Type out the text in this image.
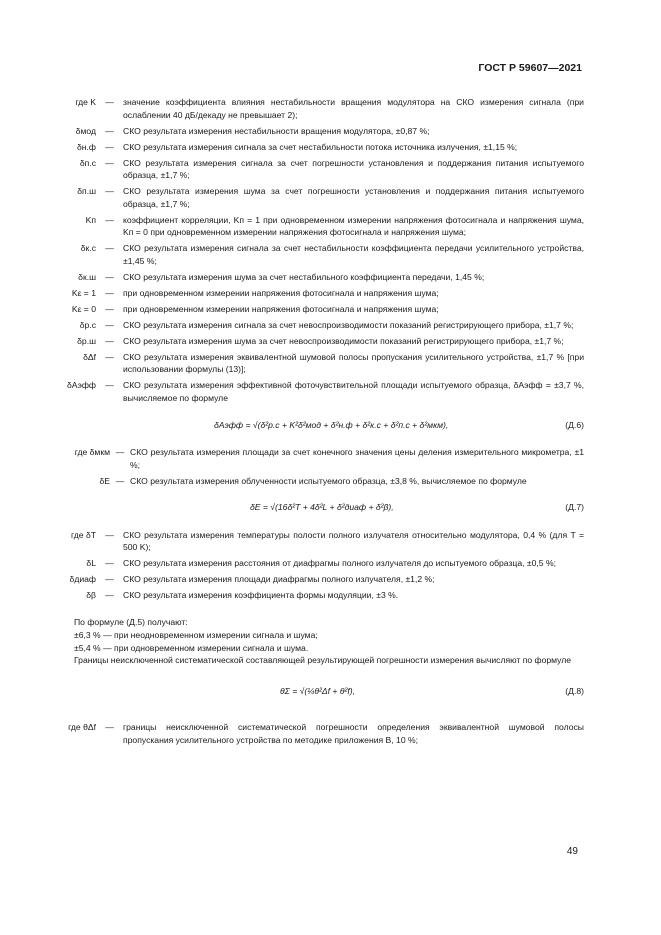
ГОСТ Р 59607—2021
где K	—	значение коэффициента влияния нестабильности вращения модулятора на СКО измерения сигнала (при ослаблении 40 дБ/декаду не превышает 2);
δмод	—	СКО результата измерения нестабильности вращения модулятора, ±0,87 %;
δн.ф	—	СКО результата измерения сигнала за счет нестабильности потока источника излучения, ±1,15 %;
δп.с	—	СКО результата измерения сигнала за счет погрешности установления и поддержания питания испытуемого образца, ±1,7 %;
δп.ш	—	СКО результата измерения шума за счет погрешности установления и поддержания питания испытуемого образца, ±1,7 %;
Kп	—	коэффициент корреляции, Kп = 1 при одновременном измерении напряжения фотосигнала и напряжения шума, Kп = 0 при одновременном измерении напряжения фотосигнала и напряжения шума;
δк.с	—	СКО результата измерения сигнала за счет нестабильности коэффициента передачи усилительного устройства, ±1,45 %;
δк.ш	—	СКО результата измерения шума за счет нестабильного коэффициента передачи, 1,45 %;
Kε = 1	—	при одновременном измерении напряжения фотосигнала и напряжения шума;
Kε = 0	—	при одновременном измерении напряжения фотосигнала и напряжения шума;
δр.с	—	СКО результата измерения сигнала за счет невоспроизводимости показаний регистрирующего прибора, ±1,7 %;
δр.ш	—	СКО результата измерения шума за счет невоспроизводимости показаний регистрирующего прибора, ±1,7 %;
δΔf	—	СКО результата измерения эквивалентной шумовой полосы пропускания усилительного устройства, ±1,7 % [при использовании формулы (13)];
δAэфф	—	СКО результата измерения эффективной фоточувствительной площади испытуемого образца, δAэфф = ±3,7 %, вычисляемое по формуле
δAэфф = √(δ²р.с + K²δ²мод + δ²н.ф + δ²к.с + δ²п.с + δ²мкм),	(Д.6)
где δмкм — СКО результата измерения площади за счет конечного значения цены деления измерительного микрометра, ±1 %;
δE — СКО результата измерения облученности испытуемого образца, ±3,8 %, вычисляемое по формуле
δE = √(16δ²T + 4δ²L + δ²диаф + δ²β),	(Д.7)
где δT	—	СКО результата измерения температуры полости полного излучателя относительно модулятора, 0,4 % (для T = 500 K);
δL	—	СКО результата измерения расстояния от диафрагмы полного излучателя до испытуемого образца, ±0,5 %;
δдиаф	—	СКО результата измерения площади диафрагмы полного излучателя, ±1,2 %;
δβ	—	СКО результата измерения коэффициента формы модуляции, ±3 %.
По формуле (Д.5) получают:
±6,3 % — при неодновременном измерении сигнала и шума;
±5,4 % — при одновременном измерении сигнала и шума.
Границы неисключенной систематической составляющей результирующей погрешности измерения вычисляют по формуле
θΣ = √(¼θ²Δf + θ²f),	(Д.8)
где θΔf	—	границы неисключенной систематической погрешности определения эквивалентной шумовой полосы пропускания усилительного устройства по методике приложения В, 10 %;
49
